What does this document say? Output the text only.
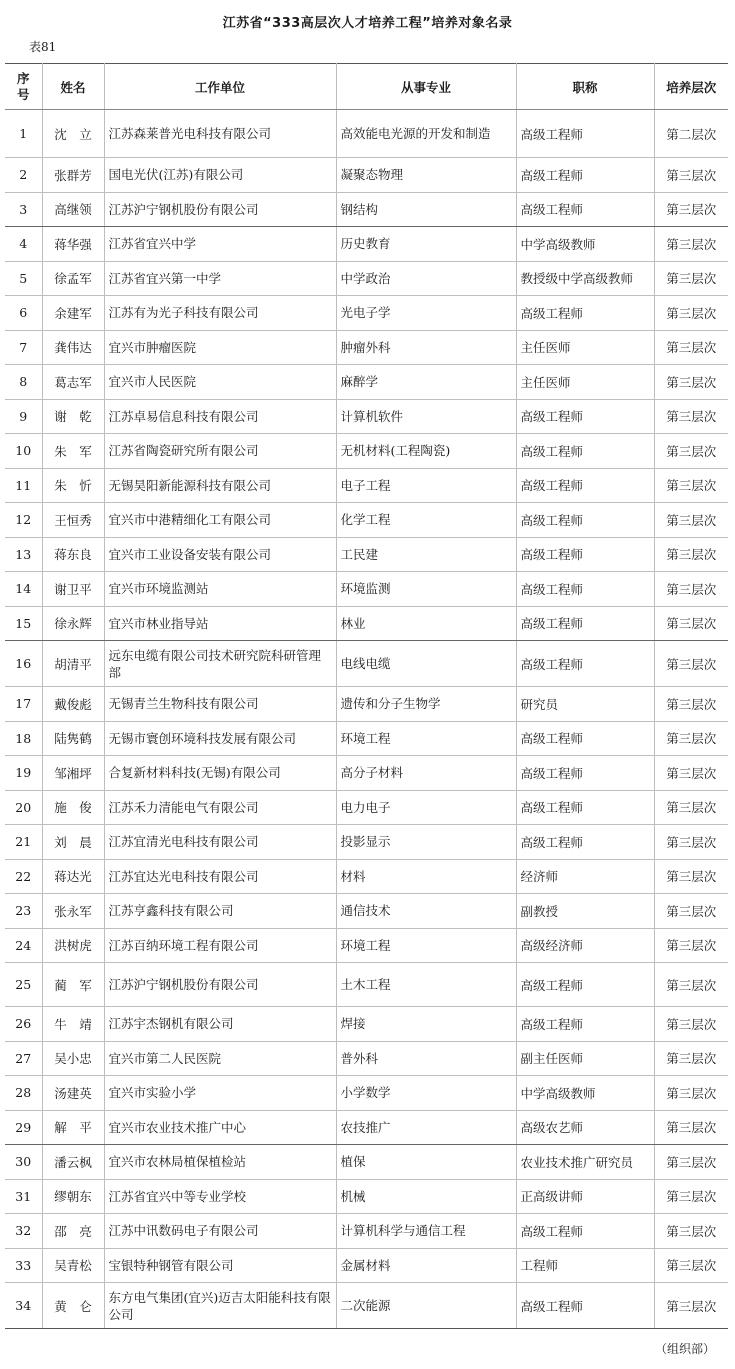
江苏省“333高层次人才培养工程”培养对象名录
表81
序号	姓名	工作单位	从事专业	职称	培养层次
1	沈　立	江苏森莱普光电科技有限公司	高效能电光源的开发和制造	高级工程师	第二层次
2	张群芳	国电光伏(江苏)有限公司	凝聚态物理	高级工程师	第三层次
3	高继领	江苏沪宁钢机股份有限公司	钢结构	高级工程师	第三层次
4	蒋华强	江苏省宜兴中学	历史教育	中学高级教师	第三层次
5	徐孟军	江苏省宜兴第一中学	中学政治	教授级中学高级教师	第三层次
6	余建军	江苏有为光子科技有限公司	光电子学	高级工程师	第三层次
7	龚伟达	宜兴市肿瘤医院	肿瘤外科	主任医师	第三层次
8	葛志军	宜兴市人民医院	麻醉学	主任医师	第三层次
9	谢　乾	江苏卓易信息科技有限公司	计算机软件	高级工程师	第三层次
10	朱　军	江苏省陶瓷研究所有限公司	无机材料(工程陶瓷)	高级工程师	第三层次
11	朱　忻	无锡昊阳新能源科技有限公司	电子工程	高级工程师	第三层次
12	王恒秀	宜兴市中港精细化工有限公司	化学工程	高级工程师	第三层次
13	蒋东良	宜兴市工业设备安装有限公司	工民建	高级工程师	第三层次
14	谢卫平	宜兴市环境监测站	环境监测	高级工程师	第三层次
15	徐永辉	宜兴市林业指导站	林业	高级工程师	第三层次
16	胡清平	远东电缆有限公司技术研究院科研管理部	电线电缆	高级工程师	第三层次
17	戴俊彪	无锡青兰生物科技有限公司	遗传和分子生物学	研究员	第三层次
18	陆隽鹤	无锡市寰创环境科技发展有限公司	环境工程	高级工程师	第三层次
19	邹湘坪	合复新材料科技(无锡)有限公司	高分子材料	高级工程师	第三层次
20	施　俊	江苏禾力清能电气有限公司	电力电子	高级工程师	第三层次
21	刘　晨	江苏宜清光电科技有限公司	投影显示	高级工程师	第三层次
22	蒋达光	江苏宜达光电科技有限公司	材料	经济师	第三层次
23	张永军	江苏亨鑫科技有限公司	通信技术	副教授	第三层次
24	洪树虎	江苏百纳环境工程有限公司	环境工程	高级经济师	第三层次
25	蔺　军	江苏沪宁钢机股份有限公司	土木工程	高级工程师	第三层次
26	牛　靖	江苏宇杰钢机有限公司	焊接	高级工程师	第三层次
27	吴小忠	宜兴市第二人民医院	普外科	副主任医师	第三层次
28	汤建英	宜兴市实验小学	小学数学	中学高级教师	第三层次
29	解　平	宜兴市农业技术推广中心	农技推广	高级农艺师	第三层次
30	潘云枫	宜兴市农林局植保植检站	植保	农业技术推广研究员	第三层次
31	缪朝东	江苏省宜兴中等专业学校	机械	正高级讲师	第三层次
32	邵　亮	江苏中讯数码电子有限公司	计算机科学与通信工程	高级工程师	第三层次
33	吴青松	宝银特种钢管有限公司	金属材料	工程师	第三层次
34	黄　仑	东方电气集团(宜兴)迈吉太阳能科技有限公司	二次能源	高级工程师	第三层次
（组织部）
